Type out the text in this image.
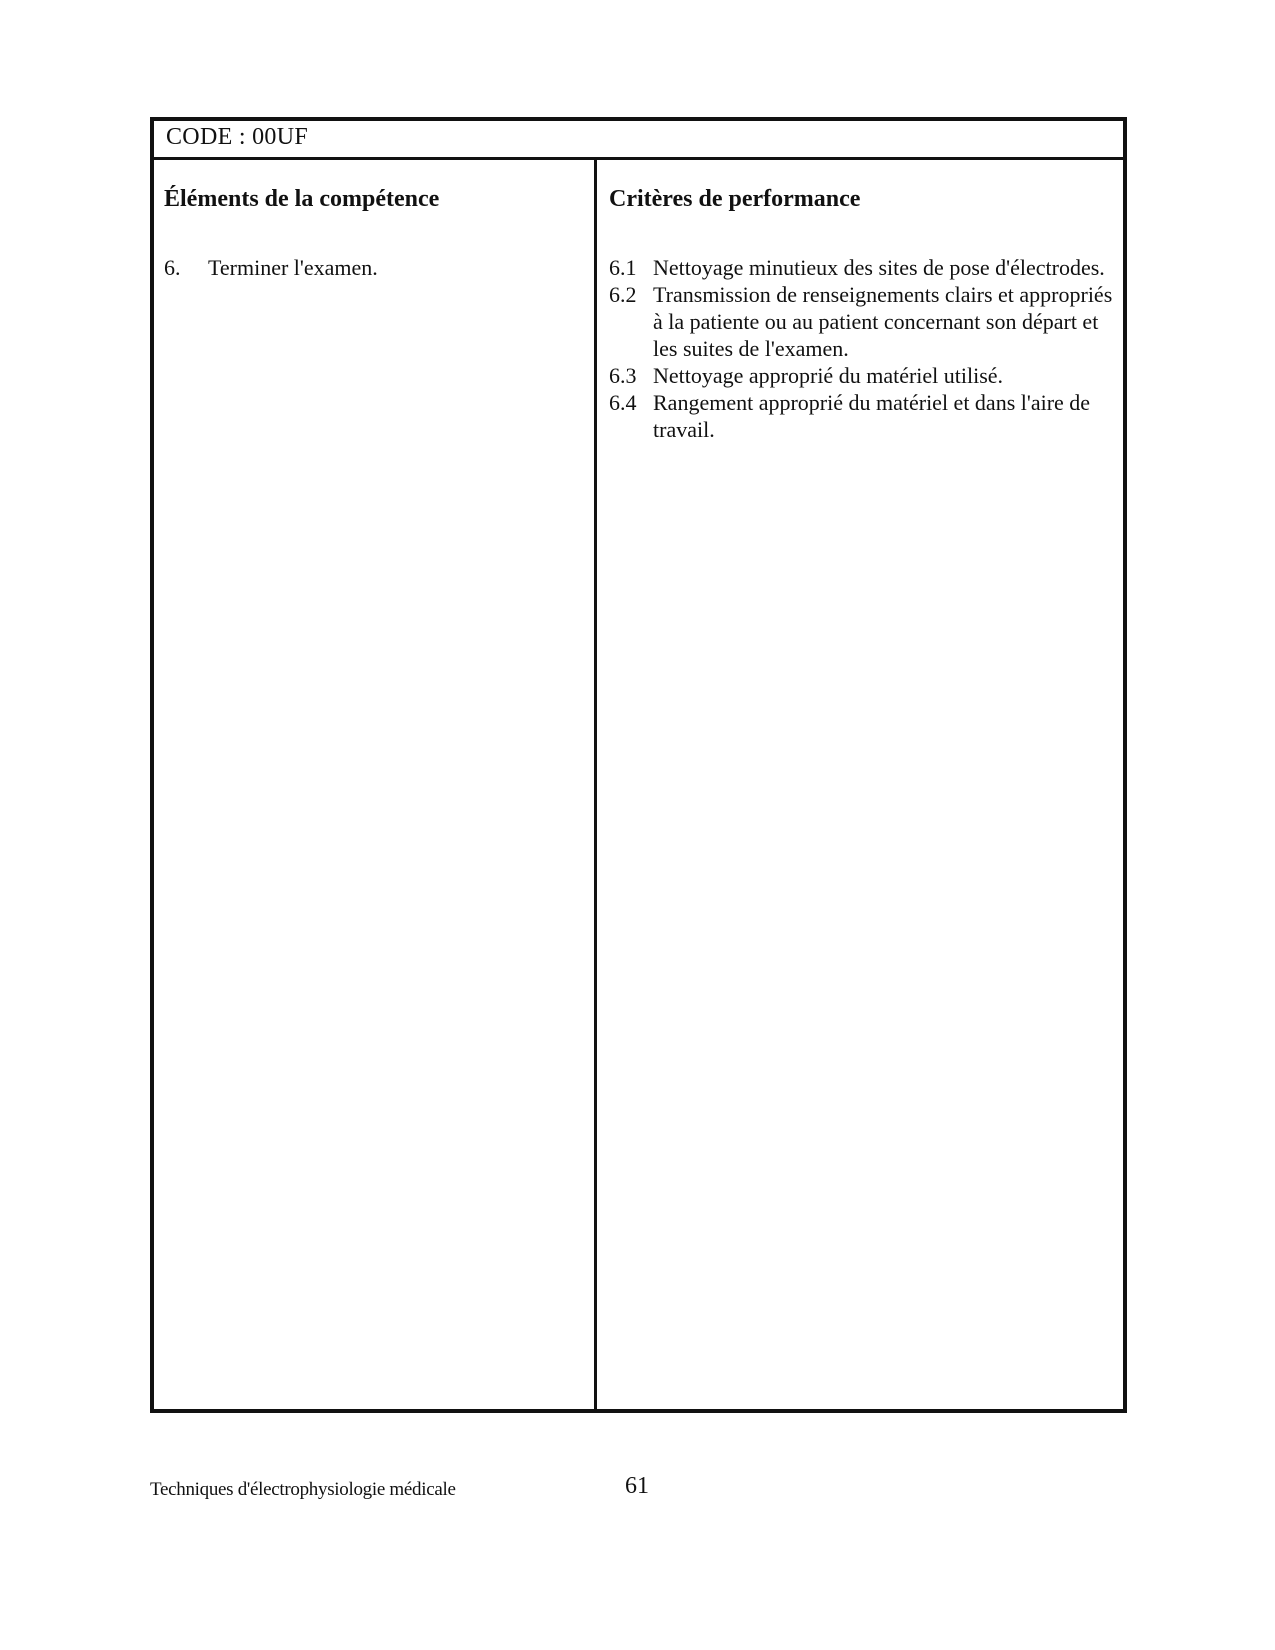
CODE : 00UF
Éléments de la compétence
6.	Terminer l'examen.
Critères de performance
6.1 Nettoyage minutieux des sites de pose d'électrodes.
6.2 Transmission de renseignements clairs et appropriés à la patiente ou au patient concernant son départ et les suites de l'examen.
6.3 Nettoyage approprié du matériel utilisé.
6.4 Rangement approprié du matériel et dans l'aire de travail.
Techniques d'électrophysiologie médicale	61
